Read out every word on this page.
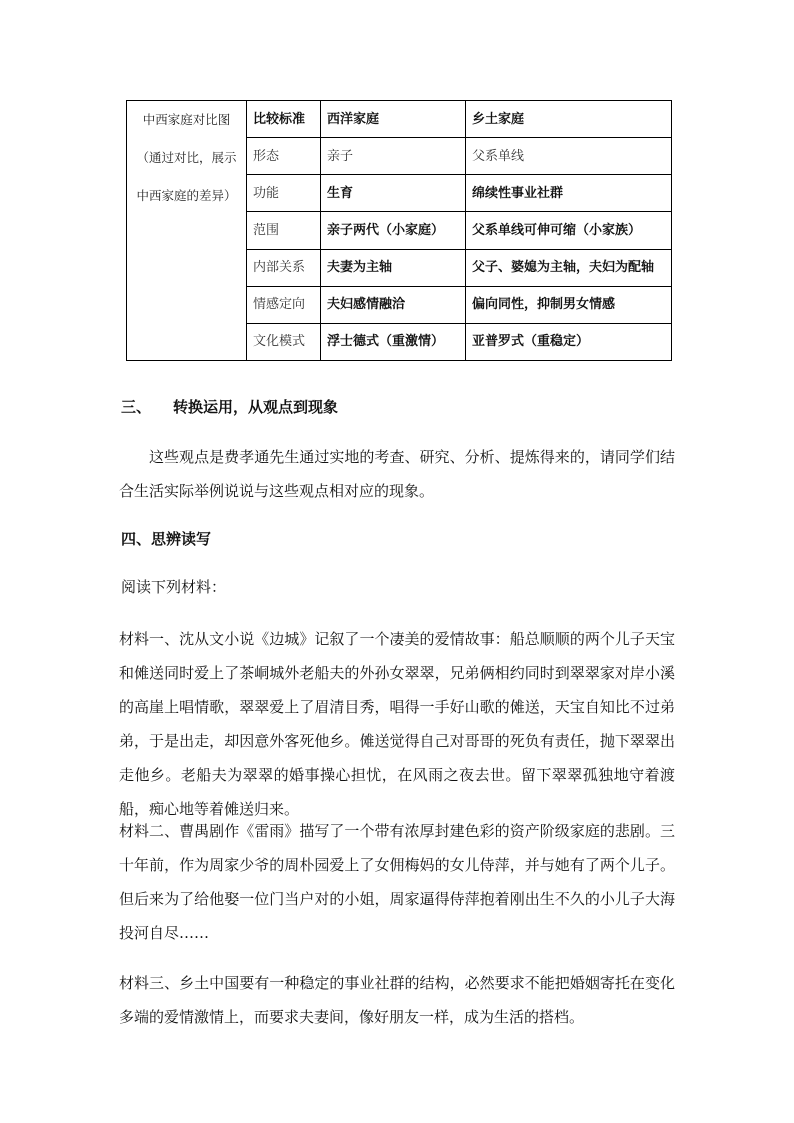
中西家庭对比图
（通过对比，展示
中西家庭的差异）	比较标准	西洋家庭	乡土家庭
	形态	亲子	父系单线
	功能	生育	绵续性事业社群
	范围	亲子两代（小家庭）	父系单线可伸可缩（小家族）
	内部关系	夫妻为主轴	父子、婆媳为主轴，夫妇为配轴
	情感定向	夫妇感情融洽	偏向同性，抑制男女情感
	文化模式	浮士德式（重激情）	亚普罗式（重稳定）
三、 转换运用，从观点到现象
这些观点是费孝通先生通过实地的考查、研究、分析、提炼得来的，请同学们结合生活实际举例说说与这些观点相对应的现象。
四、思辨读写
阅读下列材料：
材料一、沈从文小说《边城》记叙了一个凄美的爱情故事：船总顺顺的两个儿子天宝和傩送同时爱上了茶峒城外老船夫的外孙女翠翠，兄弟俩相约同时到翠翠家对岸小溪的高崖上唱情歌，翠翠爱上了眉清目秀，唱得一手好山歌的傩送，天宝自知比不过弟弟，于是出走，却因意外客死他乡。傩送觉得自己对哥哥的死负有责任，抛下翠翠出走他乡。老船夫为翠翠的婚事操心担忧，在风雨之夜去世。留下翠翠孤独地守着渡船，痴心地等着傩送归来。
材料二、曹禺剧作《雷雨》描写了一个带有浓厚封建色彩的资产阶级家庭的悲剧。三十年前，作为周家少爷的周朴园爱上了女佣梅妈的女儿侍萍，并与她有了两个儿子。但后来为了给他娶一位门当户对的小姐，周家逼得侍萍抱着刚出生不久的小儿子大海投河自尽……
材料三、乡土中国要有一种稳定的事业社群的结构，必然要求不能把婚姻寄托在变化多端的爱情激情上，而要求夫妻间，像好朋友一样，成为生活的搭档。
